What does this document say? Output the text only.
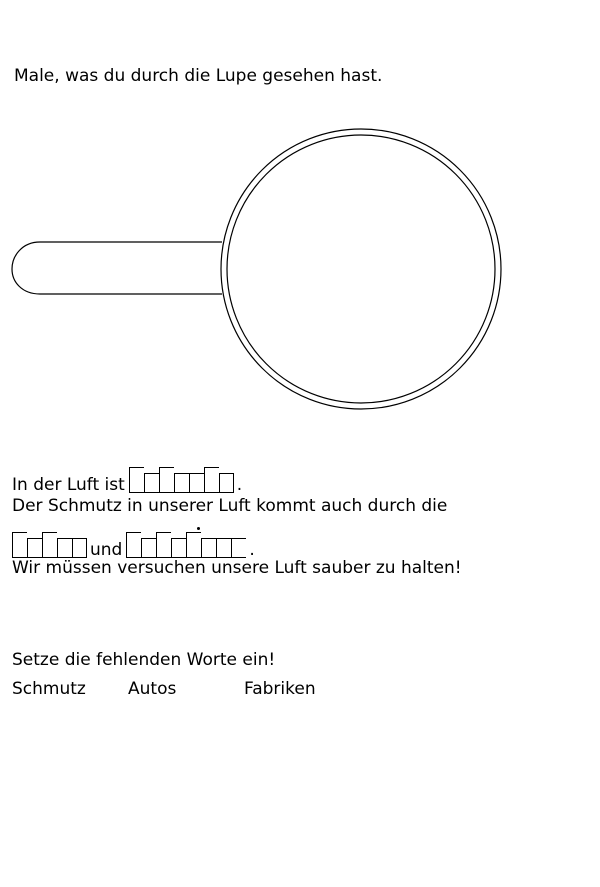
Male, was du durch die Lupe gesehen hast.
In der Luft ist	.
Der Schmutz in unserer Luft kommt auch durch die
und	.
Wir müssen versuchen unsere Luft sauber zu halten!
Setze die fehlenden Worte ein!
Schmutz Autos	Fabriken
